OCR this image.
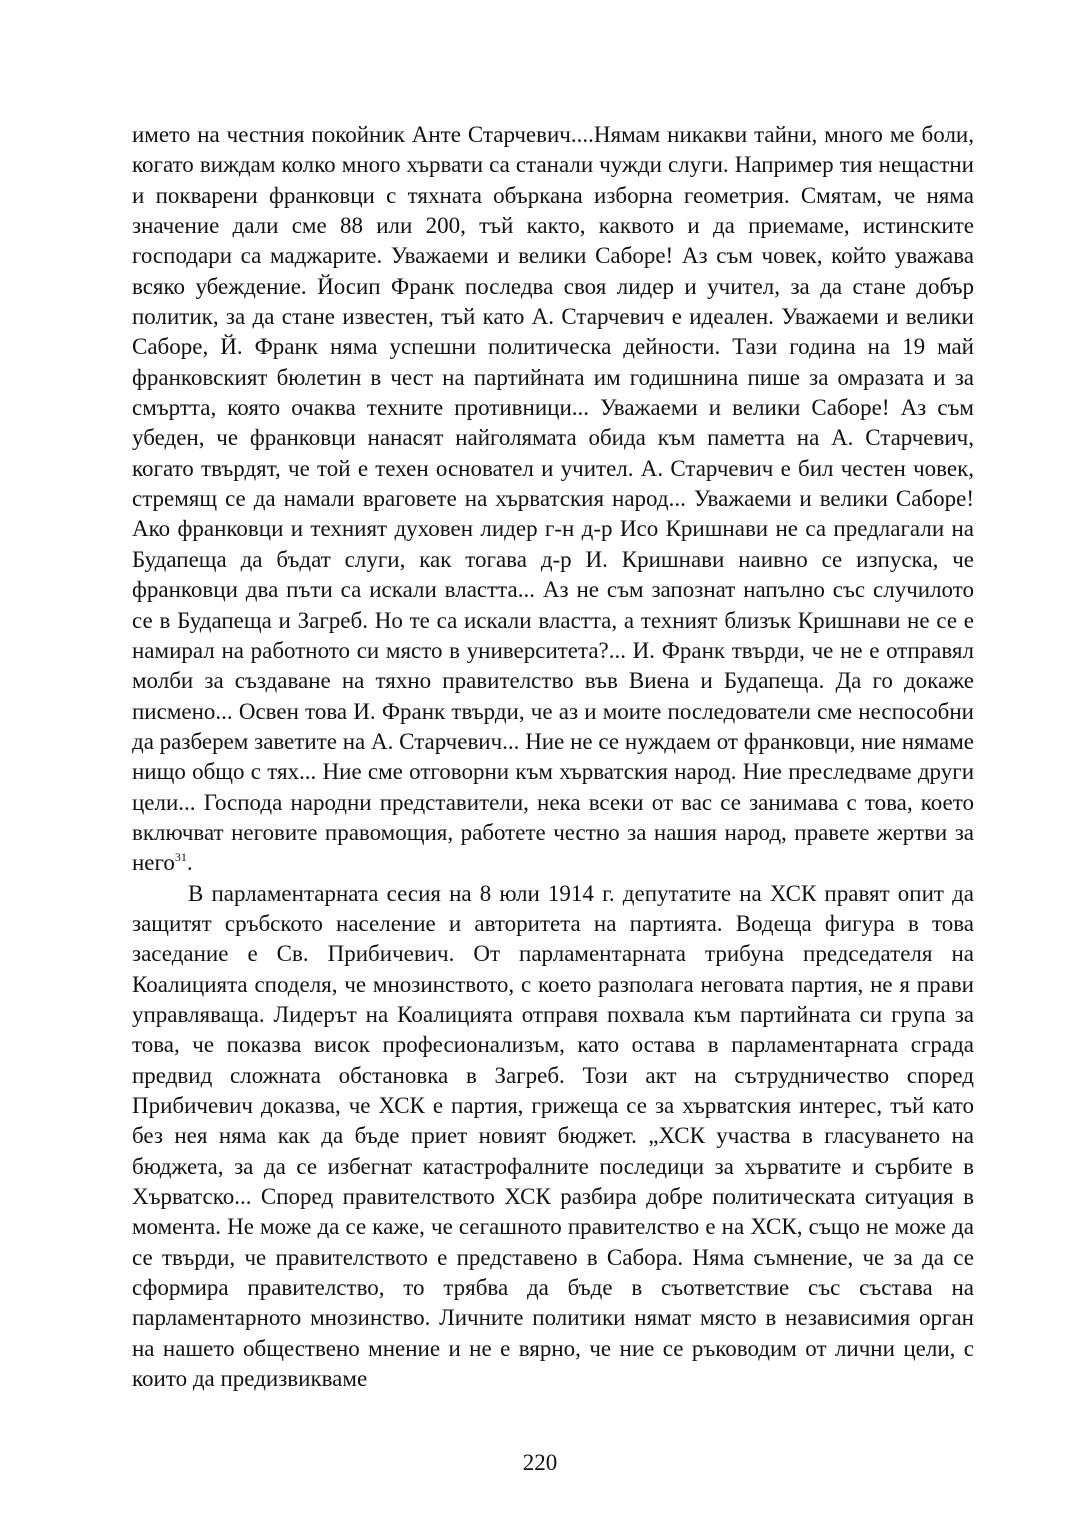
името на честния покойник Анте Старчевич....Нямам никакви тайни, много ме боли, когато виждам колко много хървати са станали чужди слуги. Например тия нещастни и покварени франковци с тяхната объркана изборна геометрия. Смятам, че няма значение дали сме 88 или 200, тъй както, каквото и да приемаме, истинските господари са маджарите. Уважаеми и велики Саборе! Аз съм човек, който уважава всяко убеждение. Йосип Франк последва своя лидер и учител, за да стане добър политик, за да стане известен, тъй като А. Старчевич е идеален. Уважаеми и велики Саборе, Й. Франк няма успешни политическа дейности. Тази година на 19 май франковският бюлетин в чест на партийната им годишнина пише за омразата и за смъртта, която очаква техните противници... Уважаеми и велики Саборе! Аз съм убеден, че франковци нанасят найголямата обида към паметта на А. Старчевич, когато твърдят, че той е техен основател и учител. А. Старчевич е бил честен човек, стремящ се да намали враговете на хърватския народ... Уважаеми и велики Саборе! Ако франковци и техният духовен лидер г-н д-р Исо Кришнави не са предлагали на Будапеща да бъдат слуги, как тогава д-р И. Кришнави наивно се изпуска, че франковци два пъти са искали властта... Аз не съм запознат напълно със случилото се в Будапеща и Загреб. Но те са искали властта, а техният близък Кришнави не се е намирал на работното си място в университета?... И. Франк твърди, че не е отправял молби за създаване на тяхно правителство във Виена и Будапеща. Да го докаже писмено... Освен това И. Франк твърди, че аз и моите последователи сме неспособни да разберем заветите на А. Старчевич... Ние не се нуждаем от франковци, ние нямаме нищо общо с тях... Ние сме отговорни към хърватския народ. Ние преследваме други цели... Господа народни представители, нека всеки от вас се занимава с това, което включват неговите правомощия, работете честно за нашия народ, правете жертви за него$^{31}$.

В парламентарната сесия на 8 юли 1914 г. депутатите на ХСК правят опит да защитят сръбското население и авторитета на партията. Водеща фигура в това заседание е Св. Прибичевич. От парламентарната трибуна председателя на Коалицията споделя, че мнозинството, с което разполага неговата партия, не я прави управляваща. Лидерът на Коалицията отправя похвала към партийната си група за това, че показва висок професионализъм, като остава в парламентарната сграда предвид сложната обстановка в Загреб. Този акт на сътрудничество според Прибичевич доказва, че ХСК е партия, грижеща се за хърватския интерес, тъй като без нея няма как да бъде приет новият бюджет. „ХСК участва в гласуването на бюджета, за да се избегнат катастрофалните последици за хърватите и сърбите в Хърватско... Според правителството ХСК разбира добре политическата ситуация в момента. Не може да се каже, че сегашното правителство е на ХСК, също не може да се твърди, че правителството е представено в Сабора. Няма съмнение, че за да се сформира правителство, то трябва да бъде в съответствие със състава на парламентарното мнозинство. Личните политики нямат място в независимия орган на нашето обществено мнение и не е вярно, че ние се ръководим от лични цели, с които да предизвикваме

220
